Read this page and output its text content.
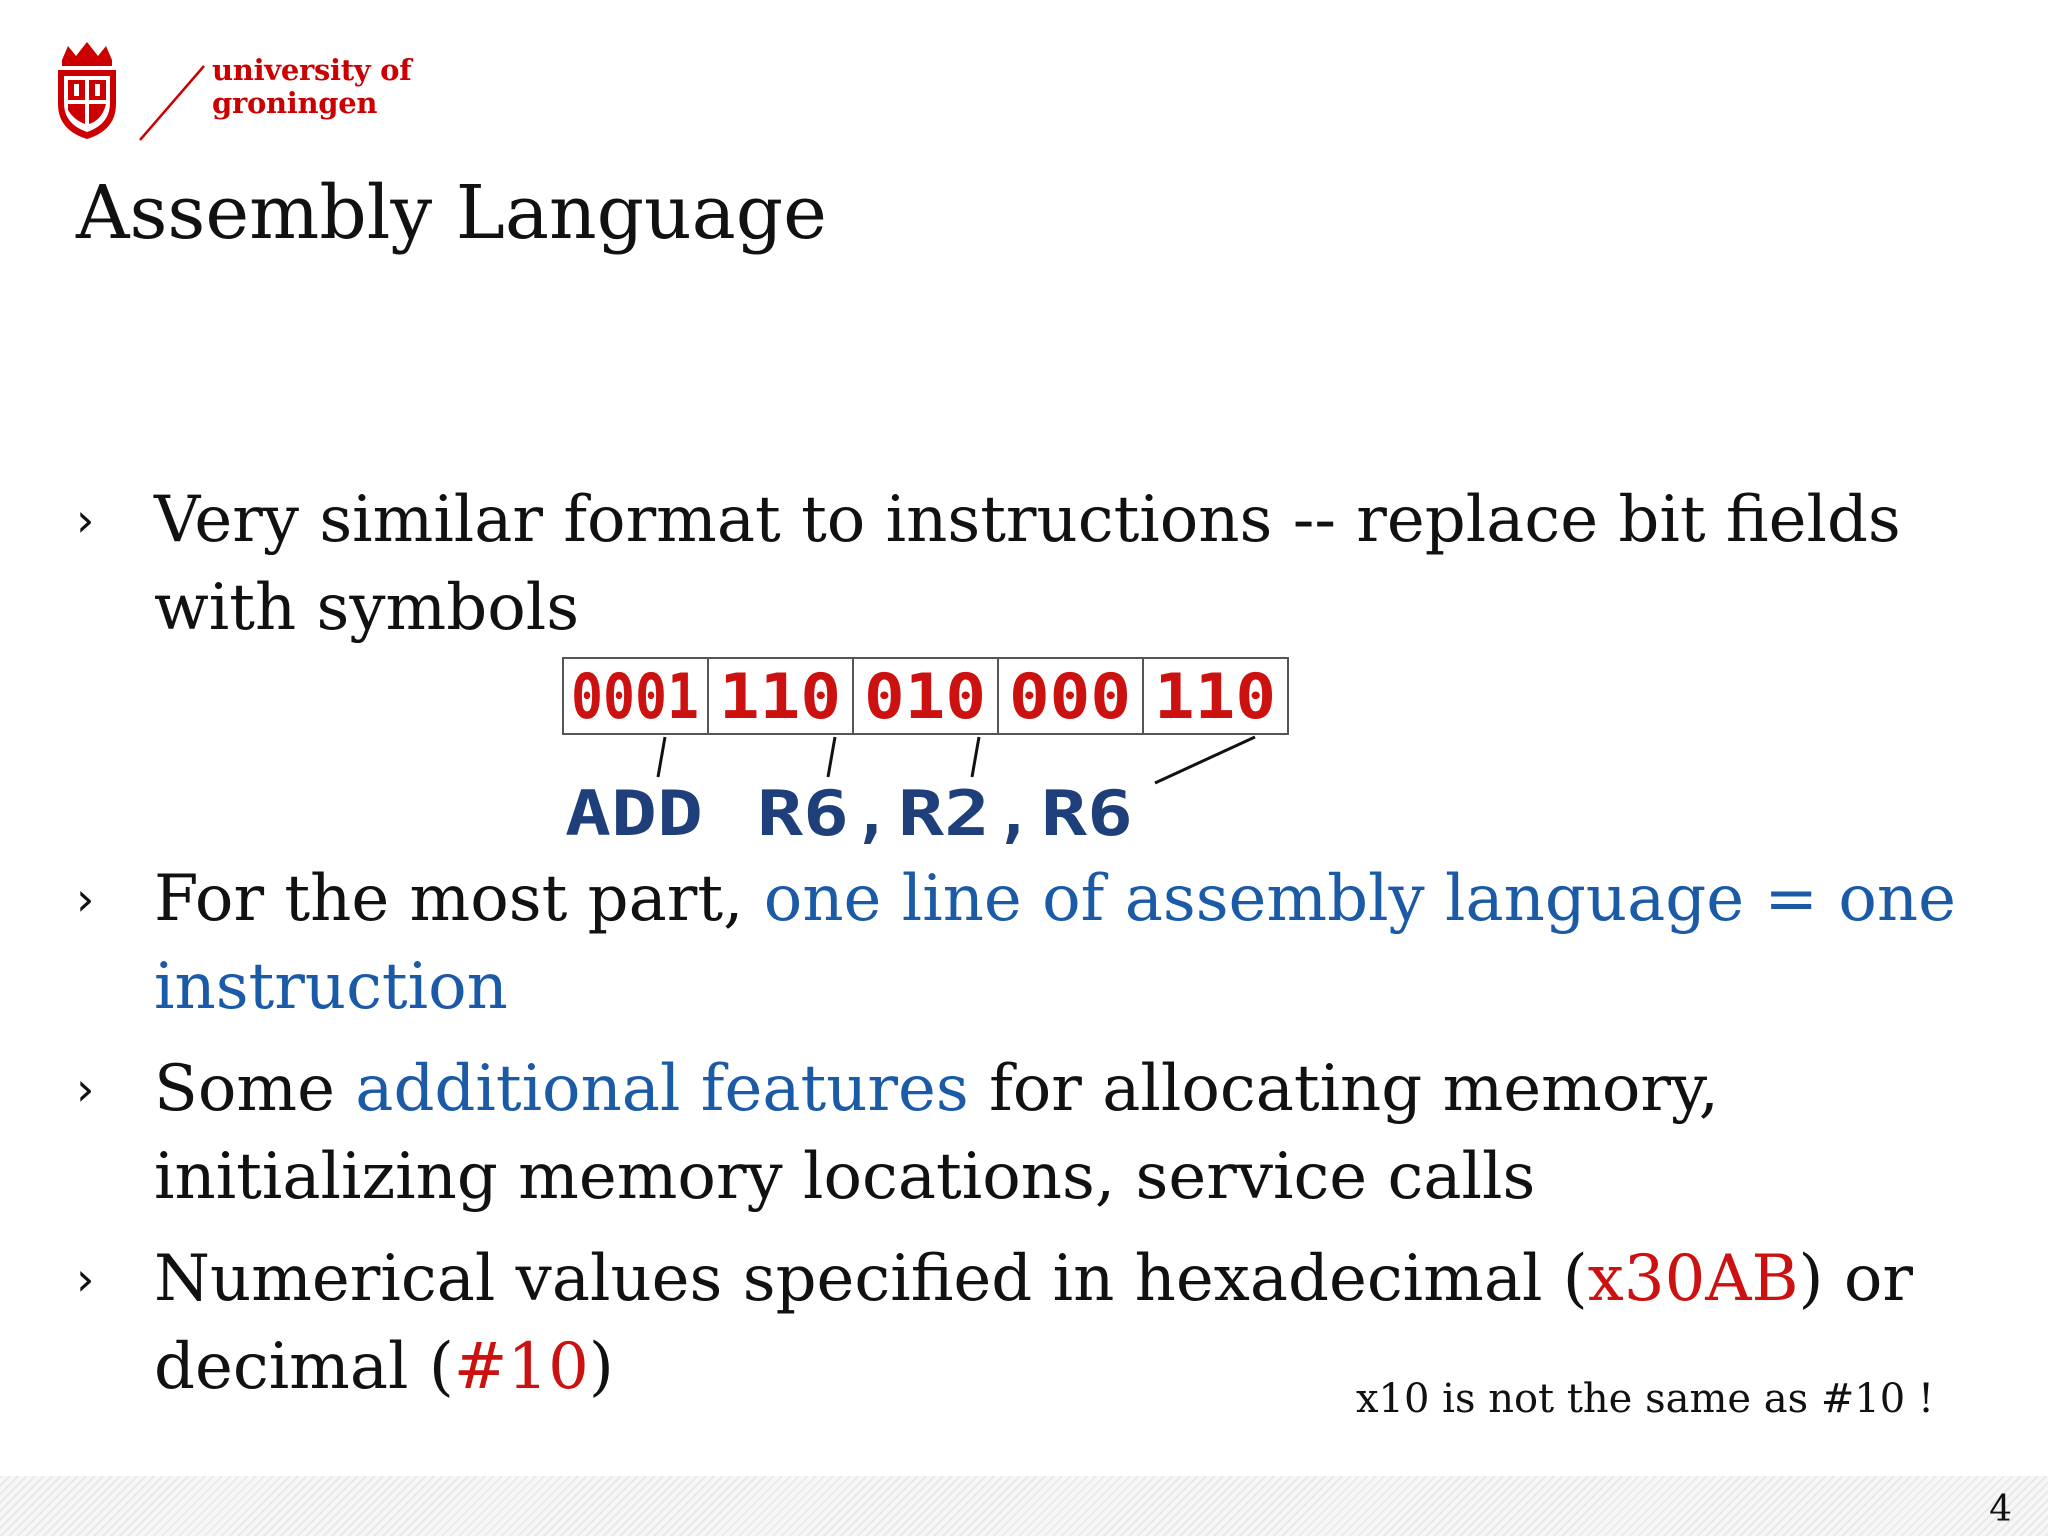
university of
groningen
Assembly Language
› Very similar format to instructions -- replace bit fields with symbols
0001 110 010 000 110
ADD R6 , R2 , R6
› For the most part, one line of assembly language = one instruction
› Some additional features for allocating memory, initializing memory locations, service calls
› Numerical values specified in hexadecimal (x30AB) or decimal (#10)	x10 is not the same as #10 !
4
